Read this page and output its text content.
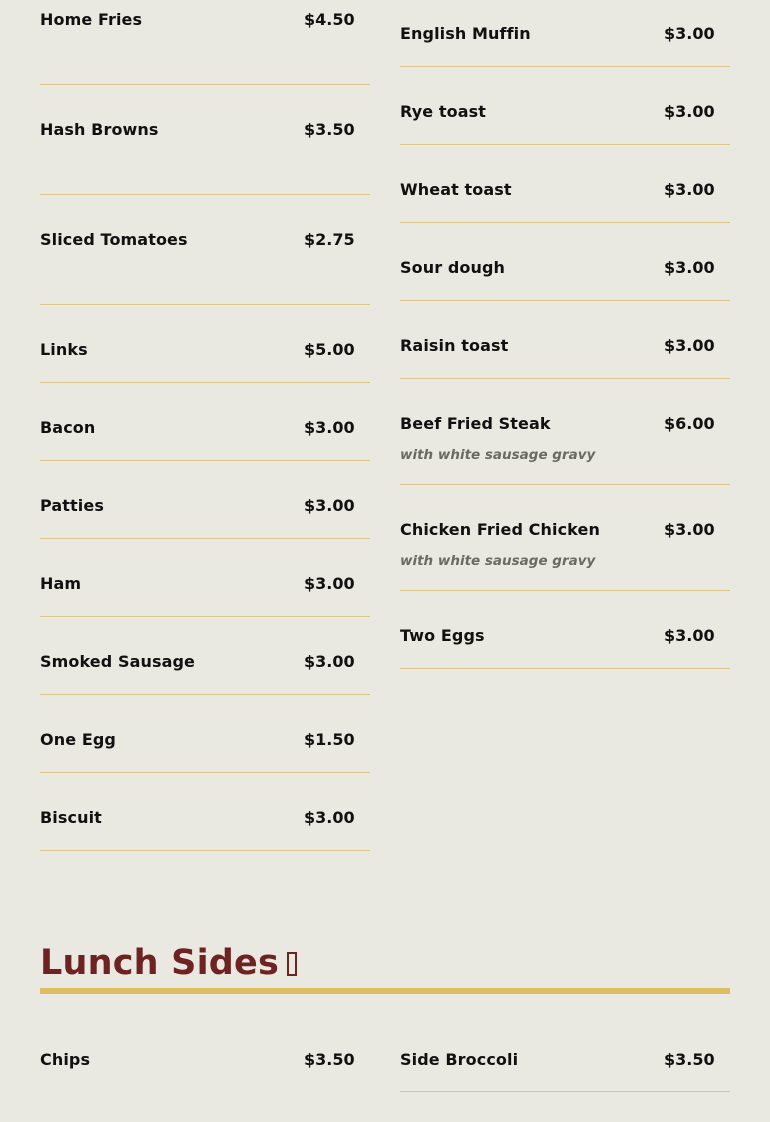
Home Fries	$4.50
Hash Browns	$3.50
Sliced Tomatoes	$2.75
Links	$5.00
Bacon	$3.00
Patties	$3.00
Ham	$3.00
Smoked Sausage	$3.00
One Egg	$1.50
Biscuit	$3.00
English Muffin	$3.00
Rye toast	$3.00
Wheat toast	$3.00
Sour dough	$3.00
Raisin toast	$3.00
Beef Fried Steak	$6.00
with white sausage gravy
Chicken Fried Chicken	$3.00
with white sausage gravy
Two Eggs	$3.00
Lunch Sides
Chips	$3.50	Side Broccoli	$3.50
